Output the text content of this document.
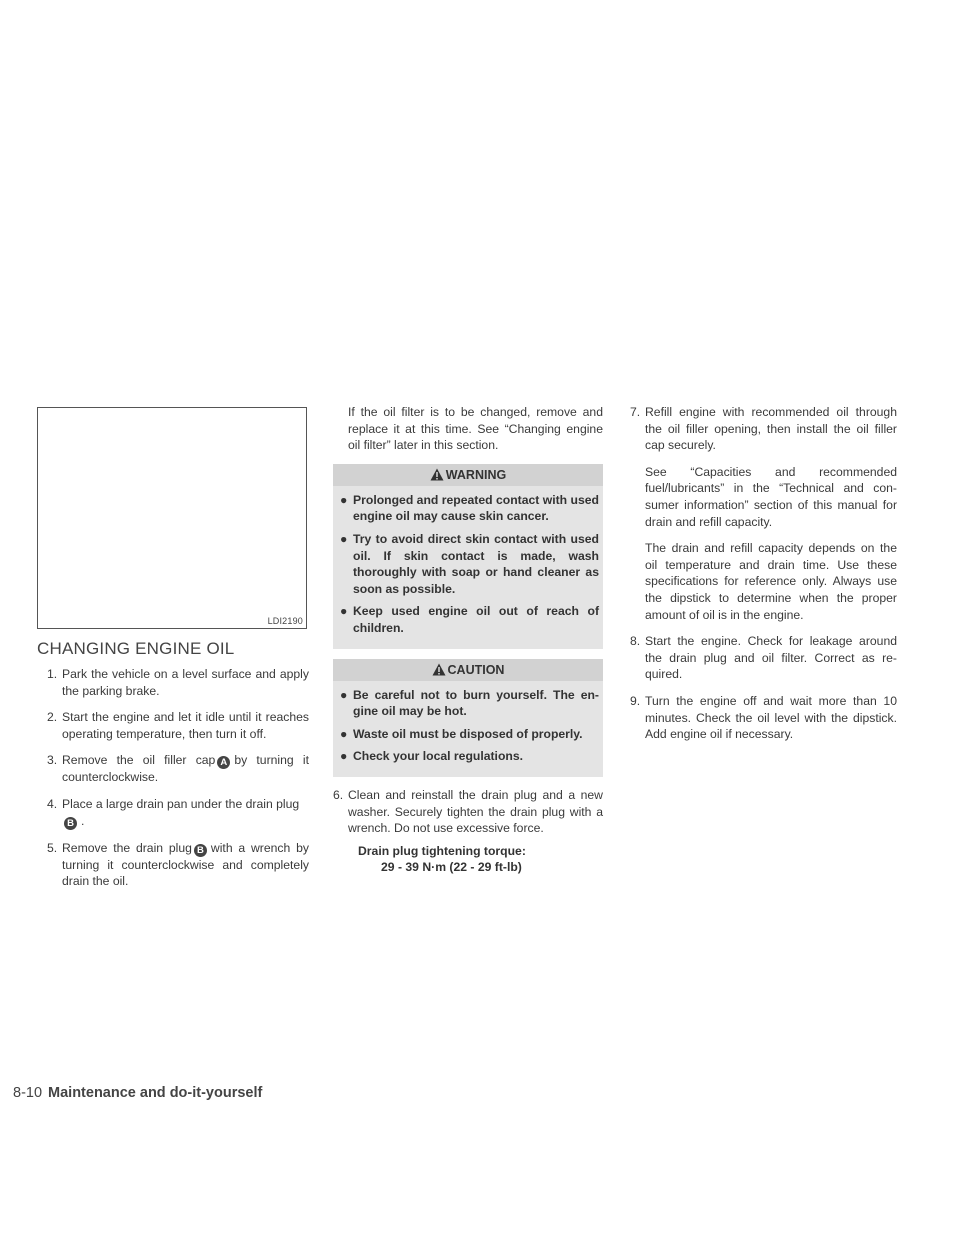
LDI2190
CHANGING ENGINE OIL
1. Park the vehicle on a level surface and apply the parking brake.
2. Start the engine and let it idle until it reaches operating temperature, then turn it off.
3. Remove the oil filler cap A by turning it counterclockwise.
4. Place a large drain pan under the drain plug
B .
5. Remove the drain plug B with a wrench by turning it counterclockwise and completely drain the oil.

If the oil filter is to be changed, remove and replace it at this time. See “Changing engine oil filter” later in this section.

WARNING
● Prolonged and repeated contact with used engine oil may cause skin cancer.
● Try to avoid direct skin contact with used oil. If skin contact is made, wash thoroughly with soap or hand cleaner as soon as possible.
● Keep used engine oil out of reach of children.
CAUTION
● Be careful not to burn yourself. The en-gine oil may be hot.
● Waste oil must be disposed of properly.
● Check your local regulations.
6. Clean and reinstall the drain plug and a new washer. Securely tighten the drain plug with a wrench. Do not use excessive force.
Drain plug tightening torque:
29 - 39 N·m (22 - 29 ft-lb)
7. Refill engine with recommended oil through the oil filler opening, then install the oil filler cap securely.

See “Capacities and recommended fuel/lubricants” in the “Technical and con-sumer information” section of this manual for drain and refill capacity.

The drain and refill capacity depends on the oil temperature and drain time. Use these specifications for reference only. Always use the dipstick to determine when the proper amount of oil is in the engine.

8. Start the engine. Check for leakage around the drain plug and oil filter. Correct as re-quired.
9. Turn the engine off and wait more than 10 minutes. Check the oil level with the dipstick. Add engine oil if necessary.
8-10 Maintenance and do-it-yourself
